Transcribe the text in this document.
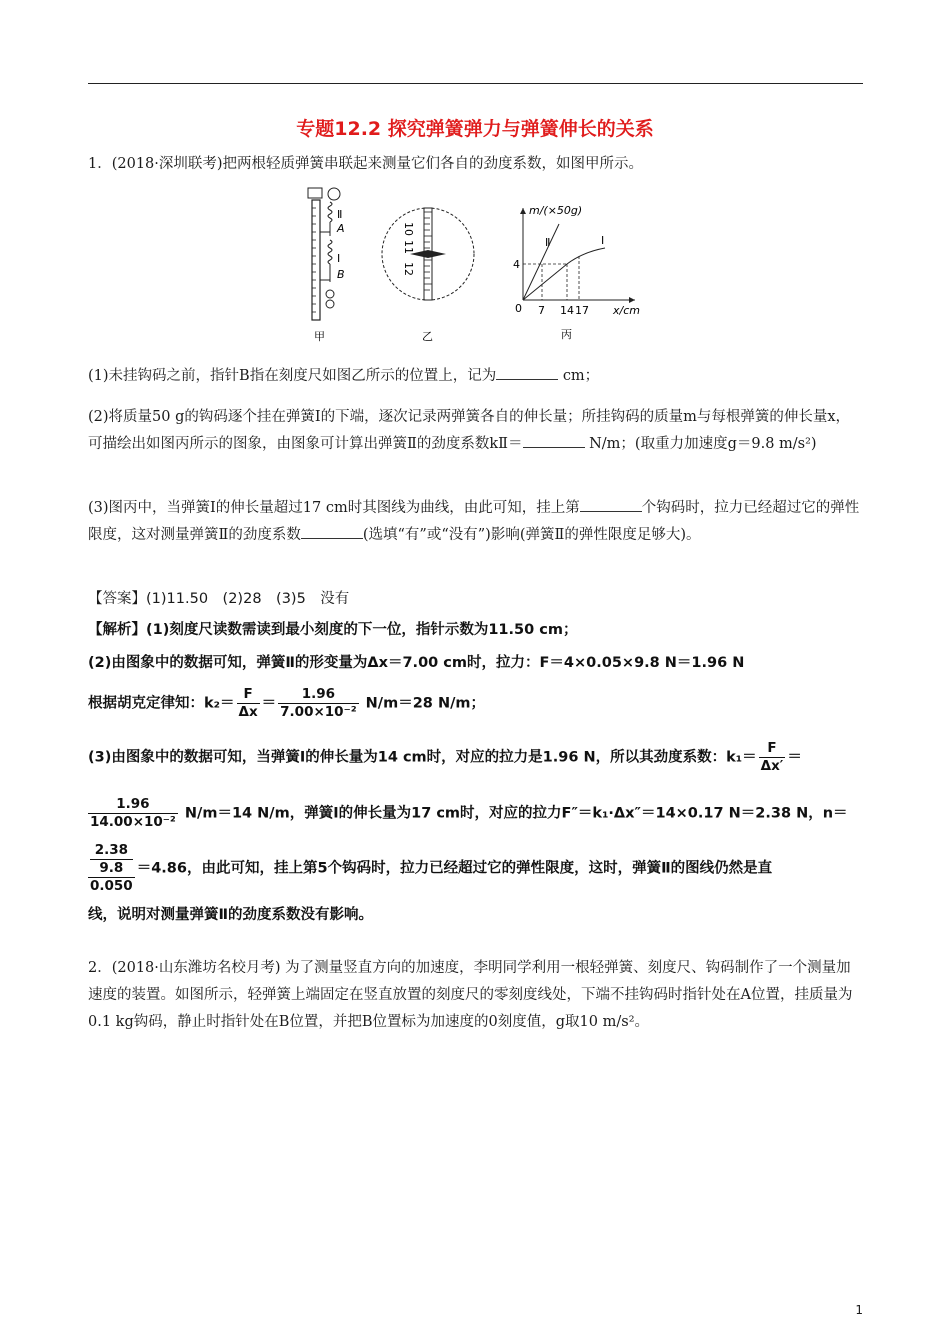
专题12.2 探究弹簧弹力与弹簧伸长的关系
1．(2018·深圳联考)把两根轻质弹簧串联起来测量它们各自的劲度系数，如图甲所示。
Ⅱ
A
Ⅰ
B
甲
10
11
12
乙
m/(×50g)
x/cm
4
0 7 14 17
Ⅱ	Ⅰ
丙
(1)未挂钩码之前，指针B指在刻度尺如图乙所示的位置上，记为	cm；
(2)将质量50 g的钩码逐个挂在弹簧Ⅰ的下端，逐次记录两弹簧各自的伸长量；所挂钩码的质量m与每根弹簧的伸长量x，可描绘出如图丙所示的图象，由图象可计算出弹簧Ⅱ的劲度系数kⅡ＝	N/m；(取重力加速度g＝9.8 m/s²)
(3)图丙中，当弹簧Ⅰ的伸长量超过17 cm时其图线为曲线，由此可知，挂上第	个钩码时，拉力已经超过它的弹性限度，这对测量弹簧Ⅱ的劲度系数	(选填“有”或“没有”)影响(弹簧Ⅱ的弹性限度足够大)。
【答案】(1)11.50　(2)28　(3)5　没有
【解析】(1)刻度尺读数需读到最小刻度的下一位，指针示数为11.50 cm；
(2)由图象中的数据可知，弹簧Ⅱ的形变量为Δx＝7.00 cm时，拉力：F＝4×0.05×9.8 N＝1.96 N
根据胡克定律知：$k_2= \frac{F}{\Delta x} = \frac{1.96}{\text{7.00×10⁻²}} N/m=28$ N/m；
(3)由图象中的数据可知，当弹簧Ⅰ的伸长量为14 cm时，对应的拉力是1.96 N，所以其劲度系数：$k_1= \frac{F}{\Delta x'}$ ＝
$\frac{1.96}{\text{14.00×10⁻²}} N/m=14$ N/m，弹簧Ⅰ的伸长量为17 cm时，对应的拉力F″＝k₁·Δx″＝14×0.17 N＝2.38 N，n＝
2.38
9.8
0.050 ＝4.86，由此可知，挂上第5个钩码时，拉力已经超过它的弹性限度，这时，弹簧Ⅱ的图线仍然是直
线，说明对测量弹簧Ⅱ的劲度系数没有影响。
2．(2018·山东潍坊名校月考) 为了测量竖直方向的加速度，李明同学利用一根轻弹簧、刻度尺、钩码制作了一个测量加速度的装置。如图所示，轻弹簧上端固定在竖直放置的刻度尺的零刻度线处，下端不挂钩码时指针处在A位置，挂质量为0.1 kg钩码，静止时指针处在B位置，并把B位置标为加速度的0刻度值，g取10 m/s²。
1
